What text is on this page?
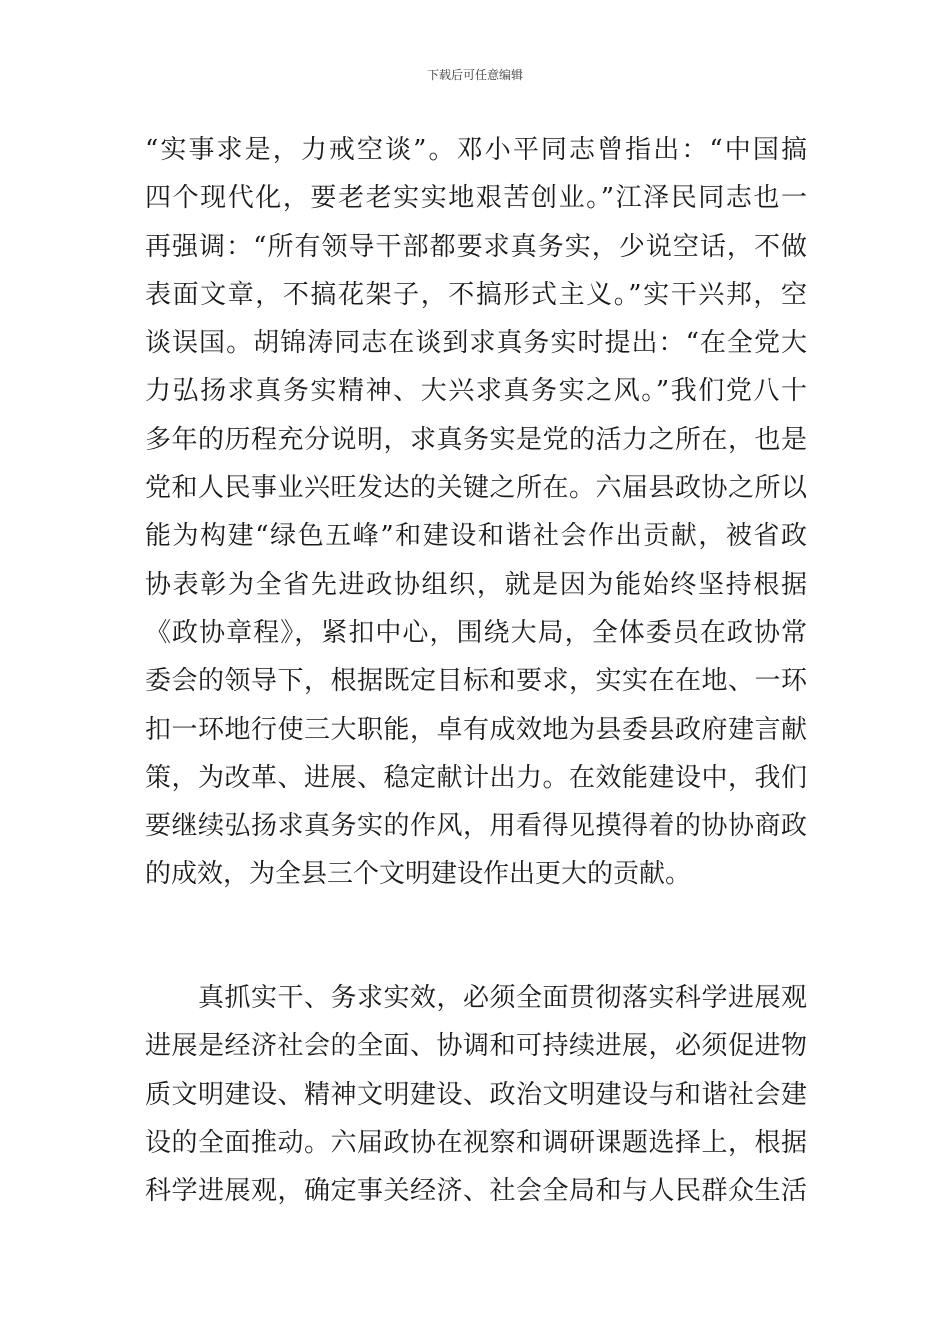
下载后可任意编辑
“实事求是，力戒空谈”。邓小平同志曾指出：“中国搞
四个现代化，要老老实实地艰苦创业。”江泽民同志也一
再强调：“所有领导干部都要求真务实，少说空话，不做
表面文章，不搞花架子，不搞形式主义。”实干兴邦，空
谈误国。胡锦涛同志在谈到求真务实时提出：“在全党大
力弘扬求真务实精神、大兴求真务实之风。”我们党八十
多年的历程充分说明，求真务实是党的活力之所在，也是
党和人民事业兴旺发达的关键之所在。六届县政协之所以
能为构建“绿色五峰”和建设和谐社会作出贡献，被省政
协表彰为全省先进政协组织，就是因为能始终坚持根据
《政协章程》，紧扣中心，围绕大局，全体委员在政协常
委会的领导下，根据既定目标和要求，实实在在地、一环
扣一环地行使三大职能，卓有成效地为县委县政府建言献
策，为改革、进展、稳定献计出力。在效能建设中，我们
要继续弘扬求真务实的作风，用看得见摸得着的协协商政
的成效，为全县三个文明建设作出更大的贡献。
　　真抓实干、务求实效，必须全面贯彻落实科学进展观
进展是经济社会的全面、协调和可持续进展，必须促进物
质文明建设、精神文明建设、政治文明建设与和谐社会建
设的全面推动。六届政协在视察和调研课题选择上，根据
科学进展观，确定事关经济、社会全局和与人民群众生活
